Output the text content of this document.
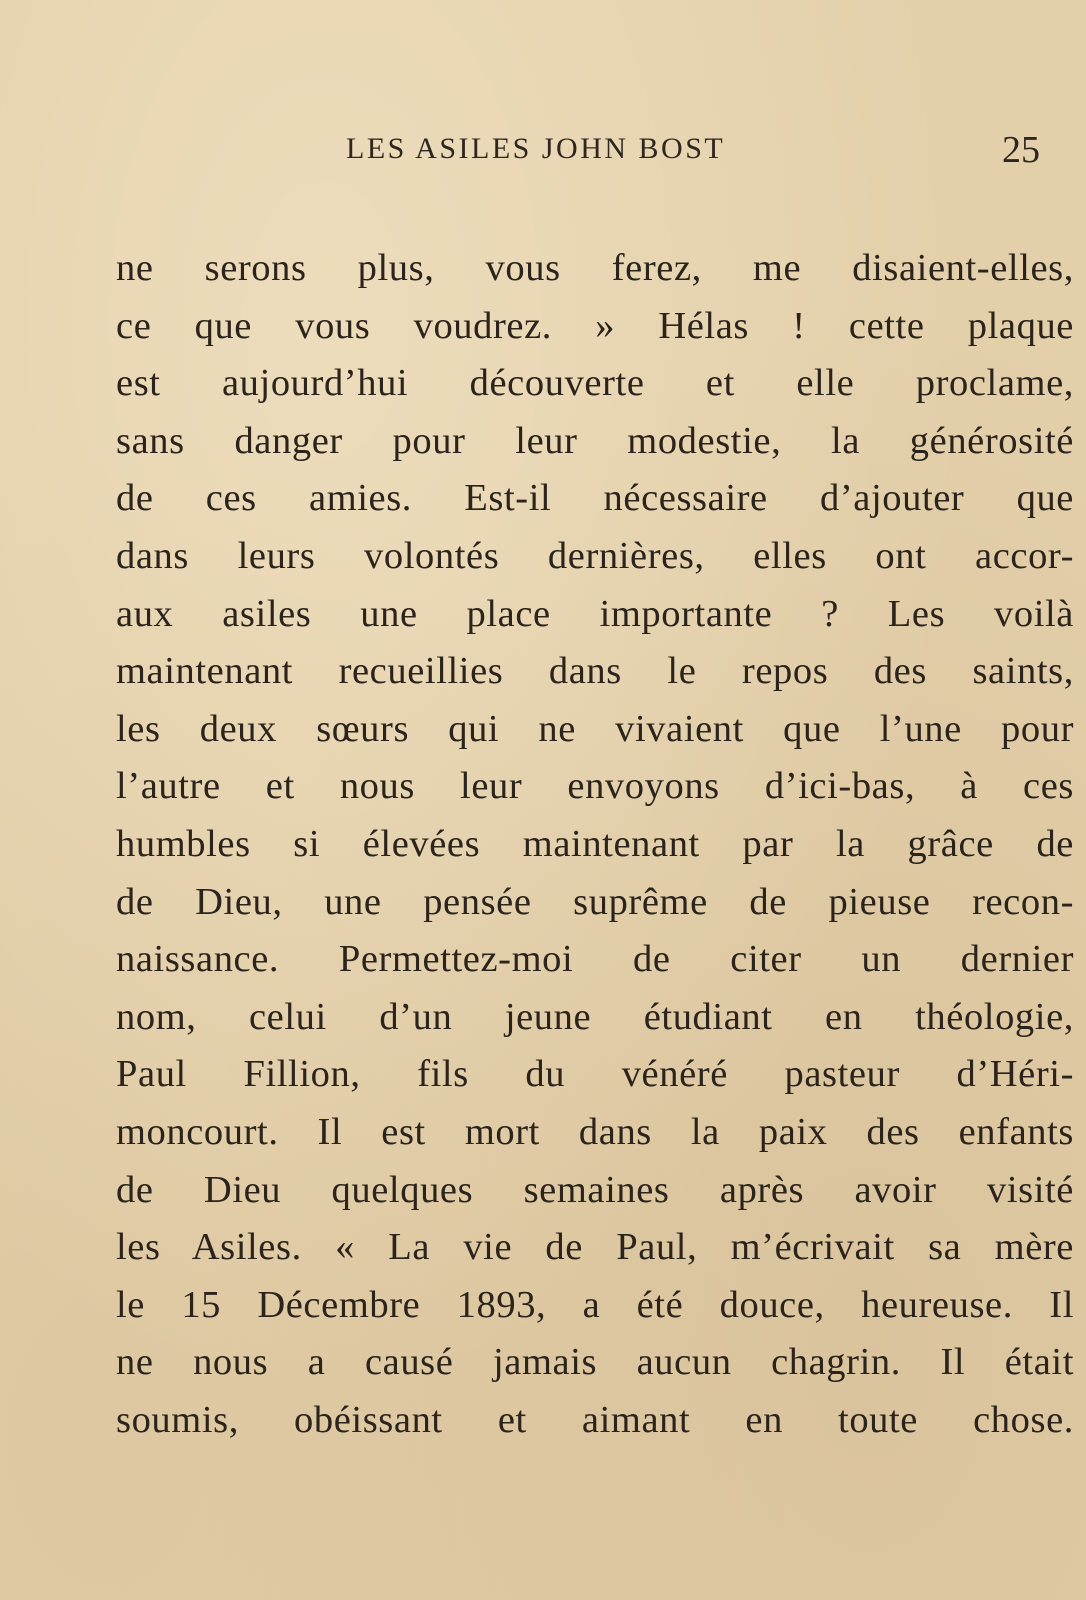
LES ASILES JOHN BOST	25
ne serons plus, vous ferez, me disaient-elles,
ce que vous voudrez. » Hélas ! cette plaque
est aujourd’hui découverte et elle proclame,
sans danger pour leur modestie, la générosité
de ces amies. Est-il nécessaire d’ajouter que
dans leurs volontés dernières, elles ont accor-
aux asiles une place importante ? Les voilà
maintenant recueillies dans le repos des saints,
les deux sœurs qui ne vivaient que l’une pour
l’autre et nous leur envoyons d’ici-bas, à ces
humbles si élevées maintenant par la grâce de
de Dieu, une pensée suprême de pieuse recon-
naissance. Permettez-moi de citer un dernier
nom, celui d’un jeune étudiant en théologie,
Paul Fillion, fils du vénéré pasteur d’Héri-
moncourt. Il est mort dans la paix des enfants
de Dieu quelques semaines après avoir visité
les Asiles. « La vie de Paul, m’écrivait sa mère
le 15 Décembre 1893, a été douce, heureuse. Il
ne nous a causé jamais aucun chagrin. Il était
soumis, obéissant et aimant en toute chose.
